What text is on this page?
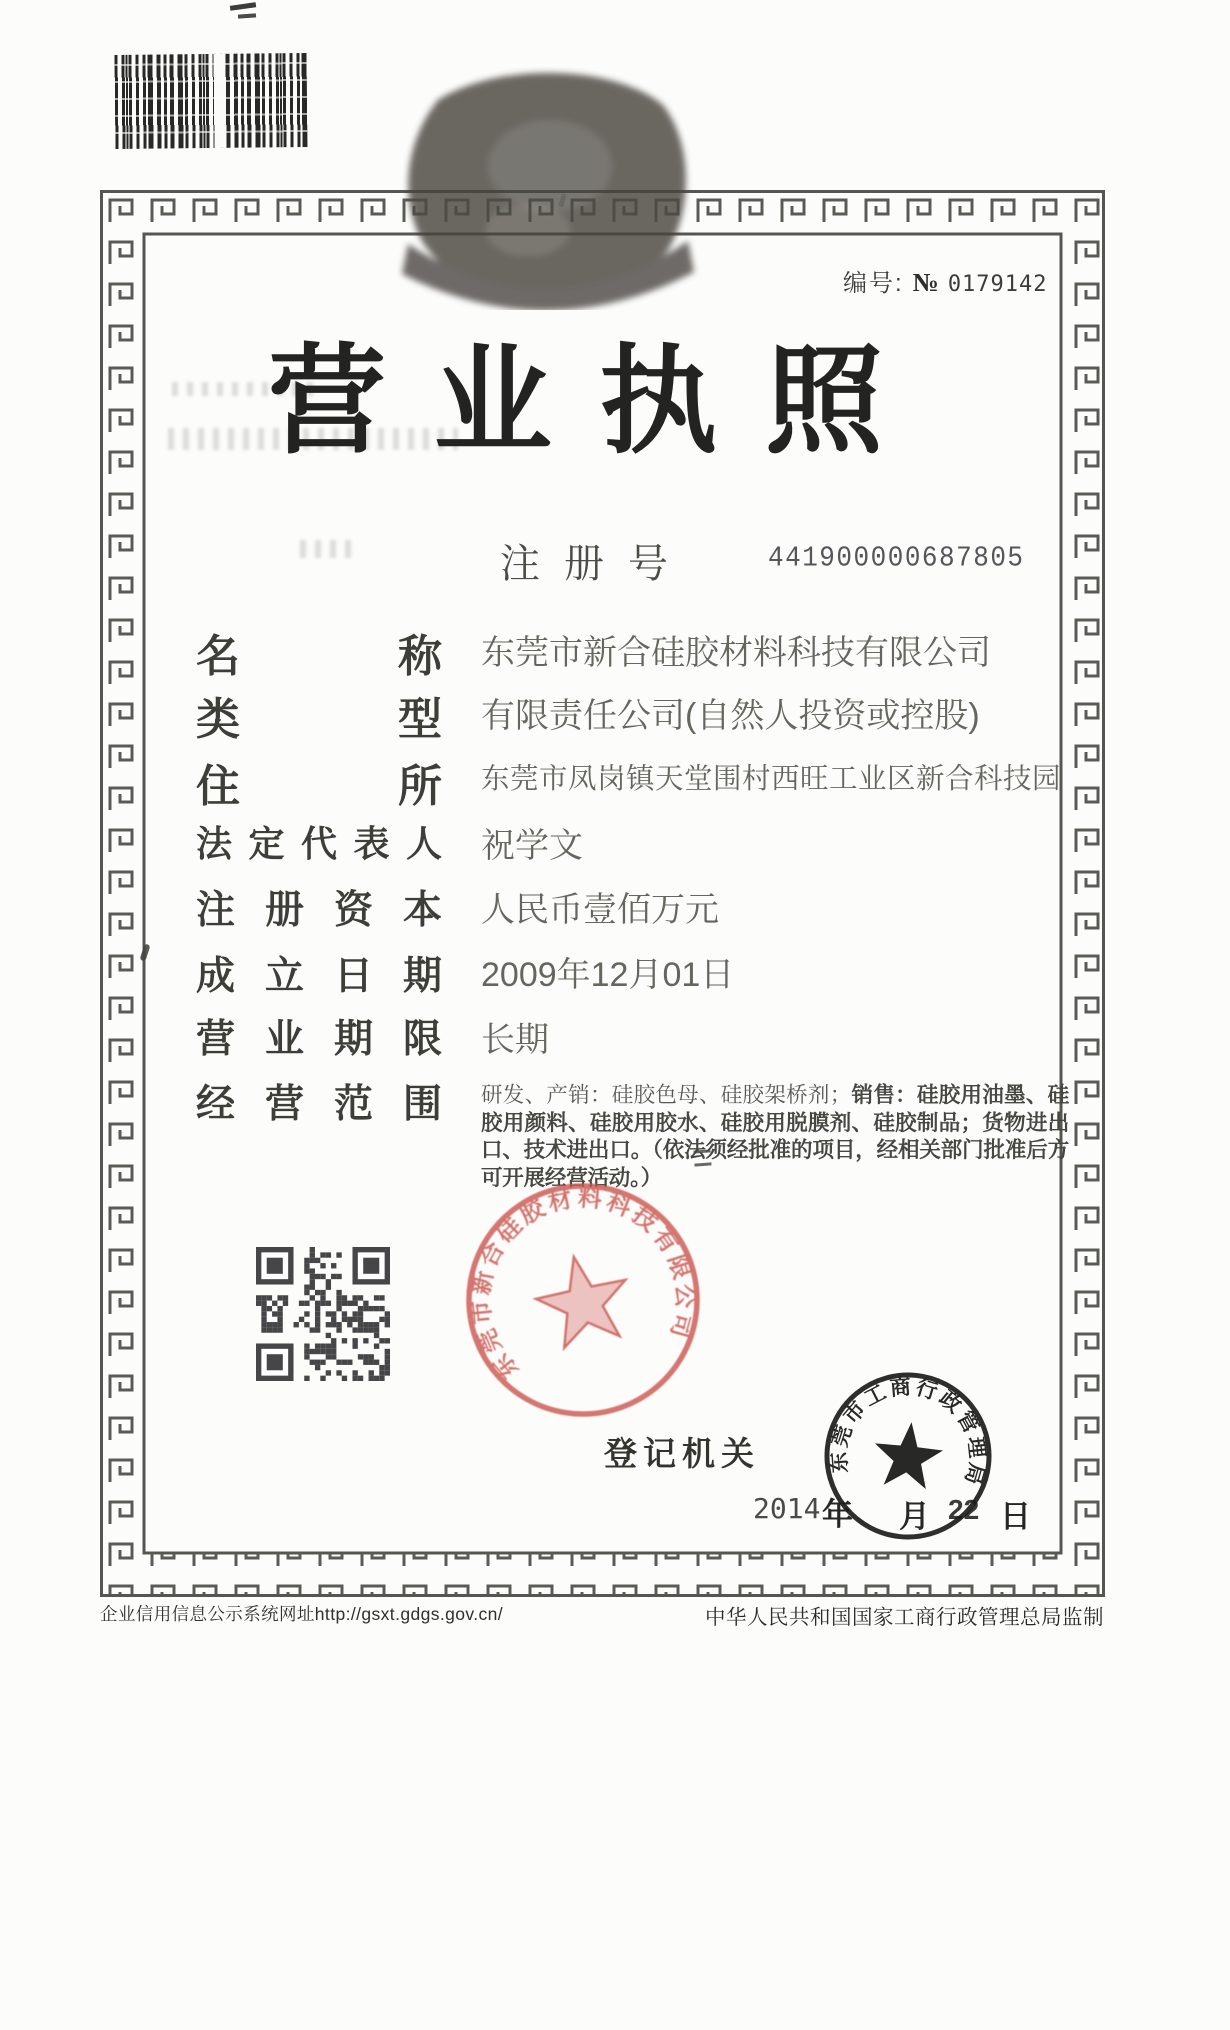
编号: № 0179142
营 业 执 照
注 册 号	441900000687805
名	称 东莞市新合硅胶材料科技有限公司
类	型 有限责任公司(自然人投资或控股)
住	所 东莞市凤岗镇天堂围村西旺工业区新合科技园
法 定 代 表 人 祝学文
注 册 资 本 人民币壹佰万元
成 立 日 期 2009年12月01日
营 业 期 限 长期
经 营 范 围 研发、产销：硅胶色母、硅胶架桥剂；销售：硅胶用油墨、硅胶用颜料、硅胶用胶水、硅胶用脱膜剂、硅胶制品；货物进出口、技术进出口。（依法须经批准的项目，经相关部门批准后方可开展经营活动。）
东莞市新合硅胶材料科技有限公司
登 记 机 关
2014 年 月 22 日
东莞市工商行政管理局
企业信用信息公示系统网址http://gsxt.gdgs.gov.cn/	中华人民共和国国家工商行政管理总局监制
